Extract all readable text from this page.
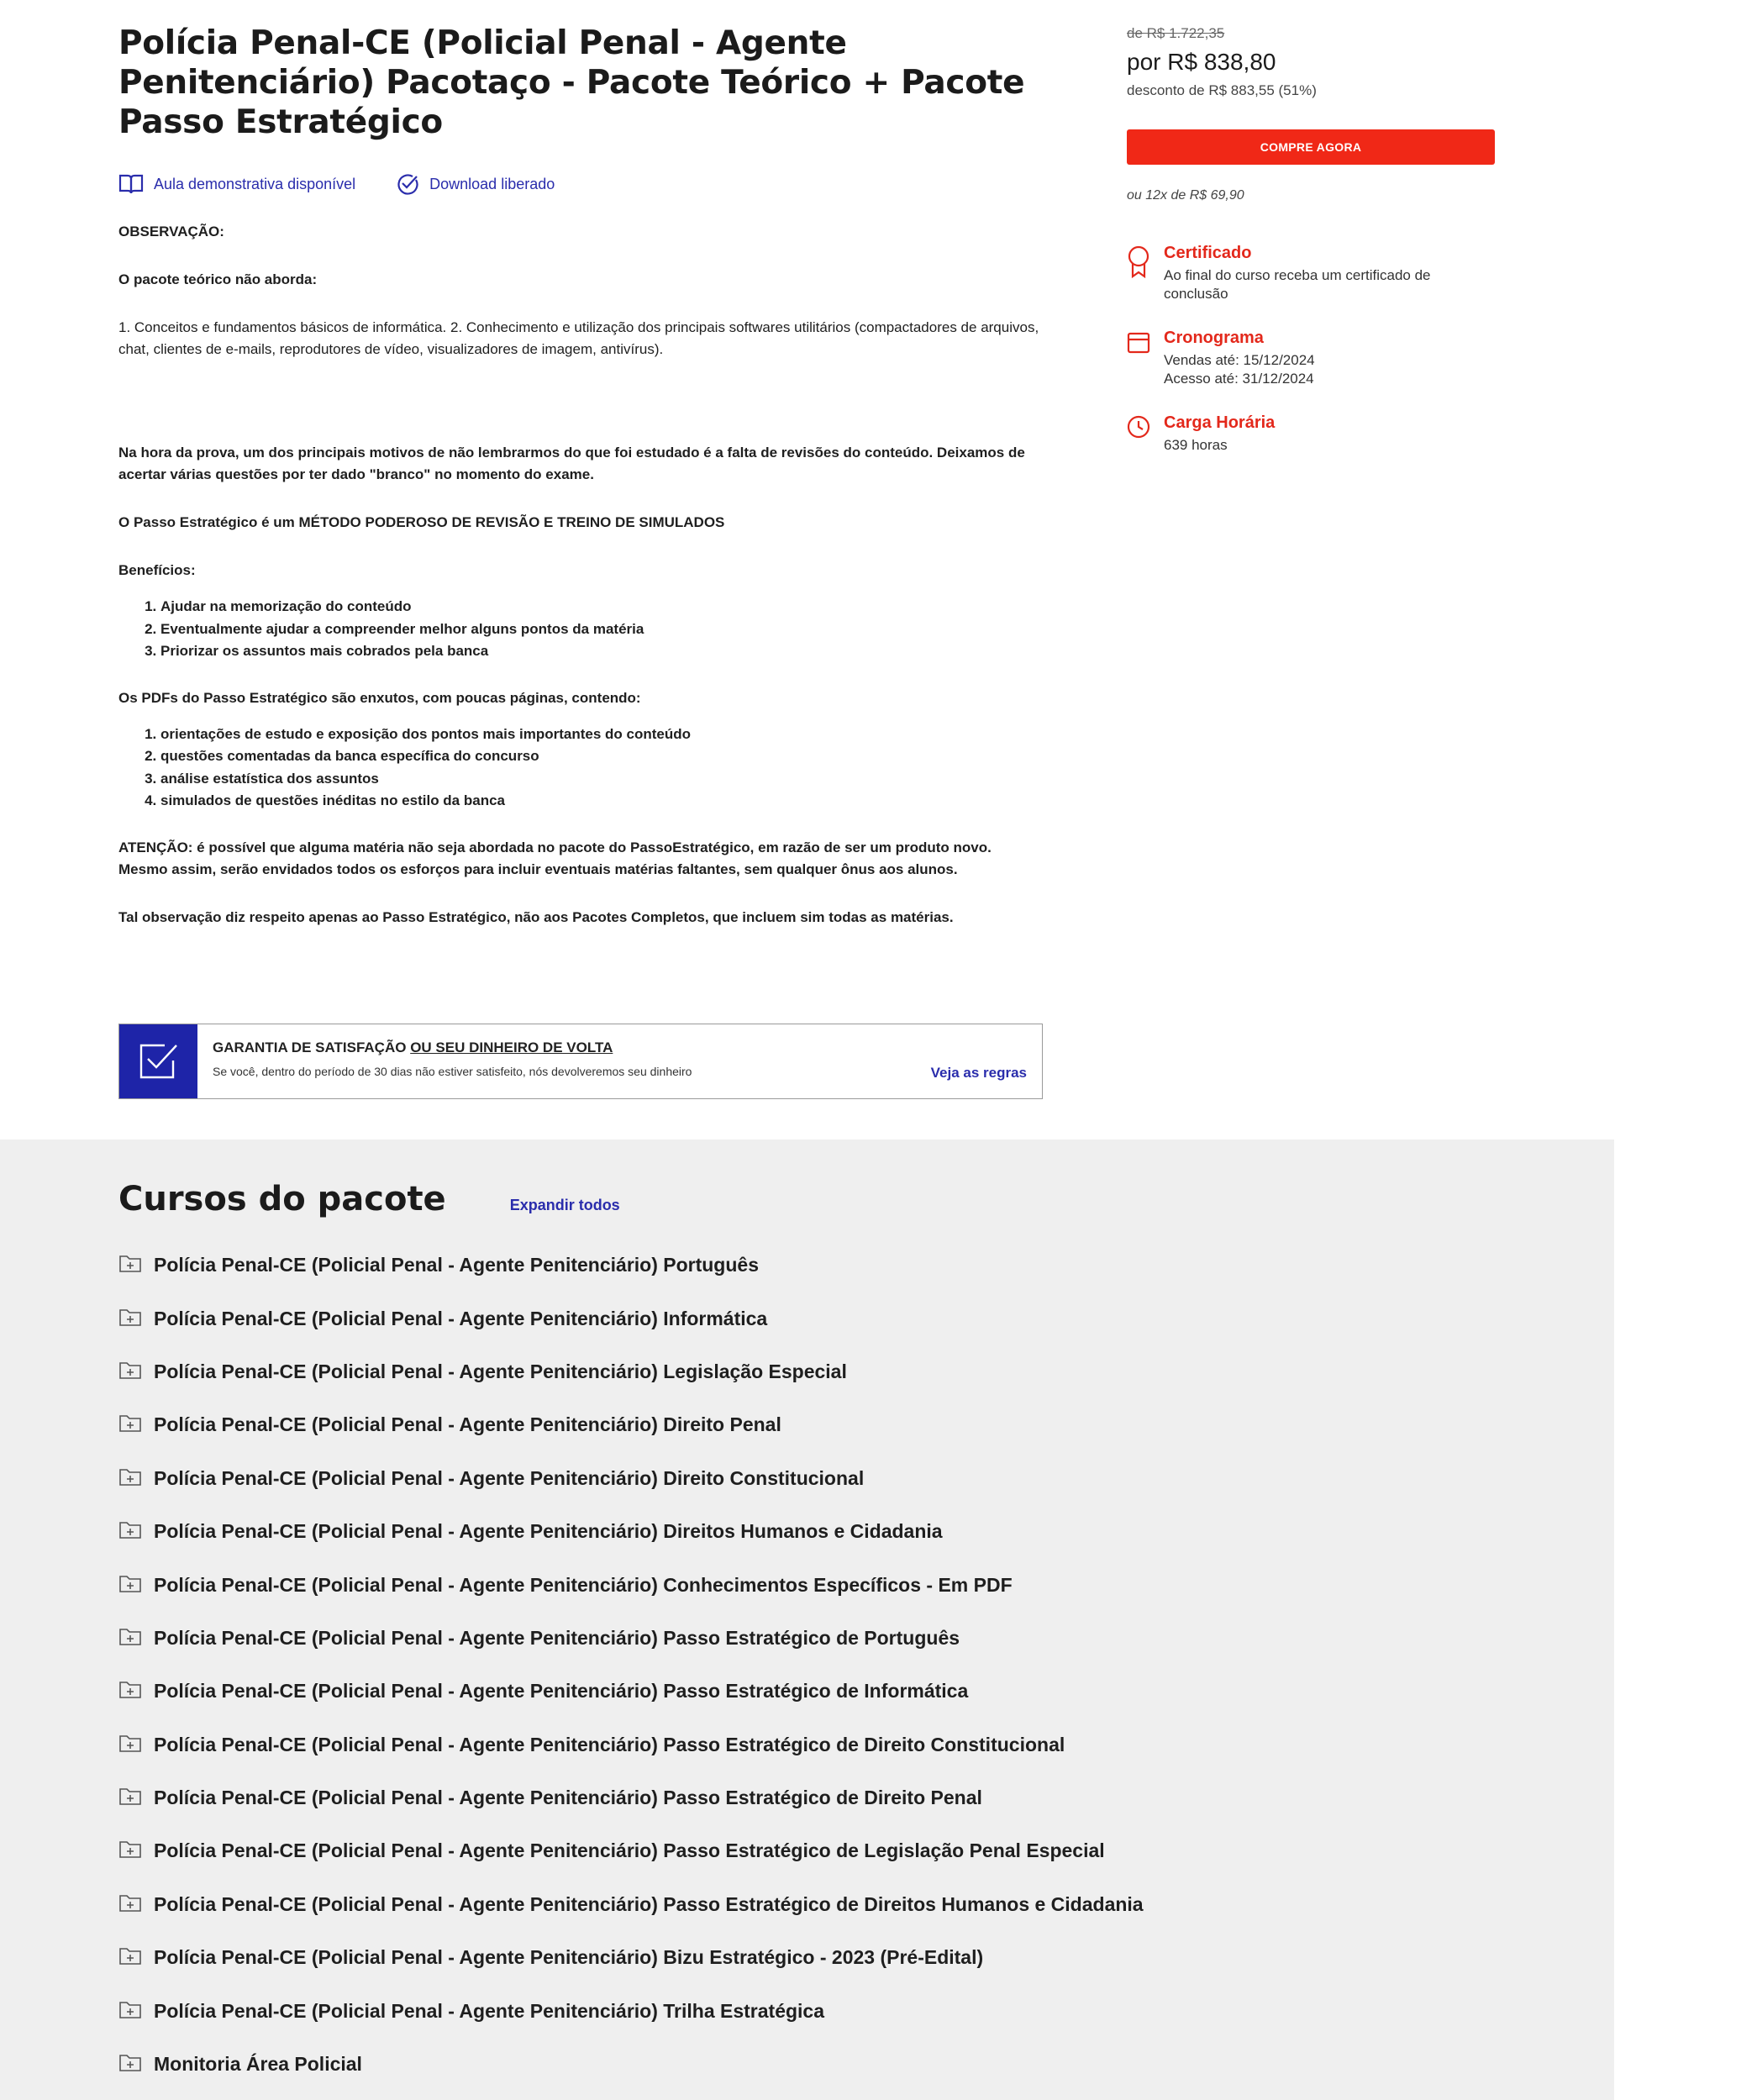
Polícia Penal-CE (Policial Penal - Agente Penitenciário) Pacotaço - Pacote Teórico + Pacote Passo Estratégico
Aula demonstrativa disponível	Download liberado

OBSERVAÇÃO:

O pacote teórico não aborda:

1. Conceitos e fundamentos básicos de informática. 2. Conhecimento e utilização dos principais softwares utilitários (compactadores de arquivos, chat, clientes de e-mails, reprodutores de vídeo, visualizadores de imagem, antivírus).

Na hora da prova, um dos principais motivos de não lembrarmos do que foi estudado é a falta de revisões do conteúdo. Deixamos de acertar várias questões por ter dado "branco" no momento do exame.

O Passo Estratégico é um MÉTODO PODEROSO DE REVISÃO E TREINO DE SIMULADOS

Benefícios:

1. Ajudar na memorização do conteúdo
2. Eventualmente ajudar a compreender melhor alguns pontos da matéria
3. Priorizar os assuntos mais cobrados pela banca

Os PDFs do Passo Estratégico são enxutos, com poucas páginas, contendo:

1. orientações de estudo e exposição dos pontos mais importantes do conteúdo
2. questões comentadas da banca específica do concurso
3. análise estatística dos assuntos
4. simulados de questões inéditas no estilo da banca

ATENÇÃO: é possível que alguma matéria não seja abordada no pacote do PassoEstratégico, em razão de ser um produto novo. Mesmo assim, serão envidados todos os esforços para incluir eventuais matérias faltantes, sem qualquer ônus aos alunos.

Tal observação diz respeito apenas ao Passo Estratégico, não aos Pacotes Completos, que incluem sim todas as matérias.

GARANTIA DE SATISFAÇÃO OU SEU DINHEIRO DE VOLTA
Se você, dentro do período de 30 dias não estiver satisfeito, nós devolveremos seu dinheiro	Veja as regras
de R$ 1.722,35
por R$ 838,80
desconto de R$ 883,55 (51%)
COMPRE AGORA
ou 12x de R$ 69,90
Certificado
Ao final do curso receba um certificado de conclusão
Cronograma
Vendas até: 15/12/2024
Acesso até: 31/12/2024
Carga Horária
639 horas
Cursos do pacote	Expandir todos
Polícia Penal-CE (Policial Penal - Agente Penitenciário) Português
Polícia Penal-CE (Policial Penal - Agente Penitenciário) Informática
Polícia Penal-CE (Policial Penal - Agente Penitenciário) Legislação Especial
Polícia Penal-CE (Policial Penal - Agente Penitenciário) Direito Penal
Polícia Penal-CE (Policial Penal - Agente Penitenciário) Direito Constitucional
Polícia Penal-CE (Policial Penal - Agente Penitenciário) Direitos Humanos e Cidadania
Polícia Penal-CE (Policial Penal - Agente Penitenciário) Conhecimentos Específicos - Em PDF
Polícia Penal-CE (Policial Penal - Agente Penitenciário) Passo Estratégico de Português
Polícia Penal-CE (Policial Penal - Agente Penitenciário) Passo Estratégico de Informática
Polícia Penal-CE (Policial Penal - Agente Penitenciário) Passo Estratégico de Direito Constitucional
Polícia Penal-CE (Policial Penal - Agente Penitenciário) Passo Estratégico de Direito Penal
Polícia Penal-CE (Policial Penal - Agente Penitenciário) Passo Estratégico de Legislação Penal Especial
Polícia Penal-CE (Policial Penal - Agente Penitenciário) Passo Estratégico de Direitos Humanos e Cidadania
Polícia Penal-CE (Policial Penal - Agente Penitenciário) Bizu Estratégico - 2023 (Pré-Edital)
Polícia Penal-CE (Policial Penal - Agente Penitenciário) Trilha Estratégica
Monitoria Área Policial
